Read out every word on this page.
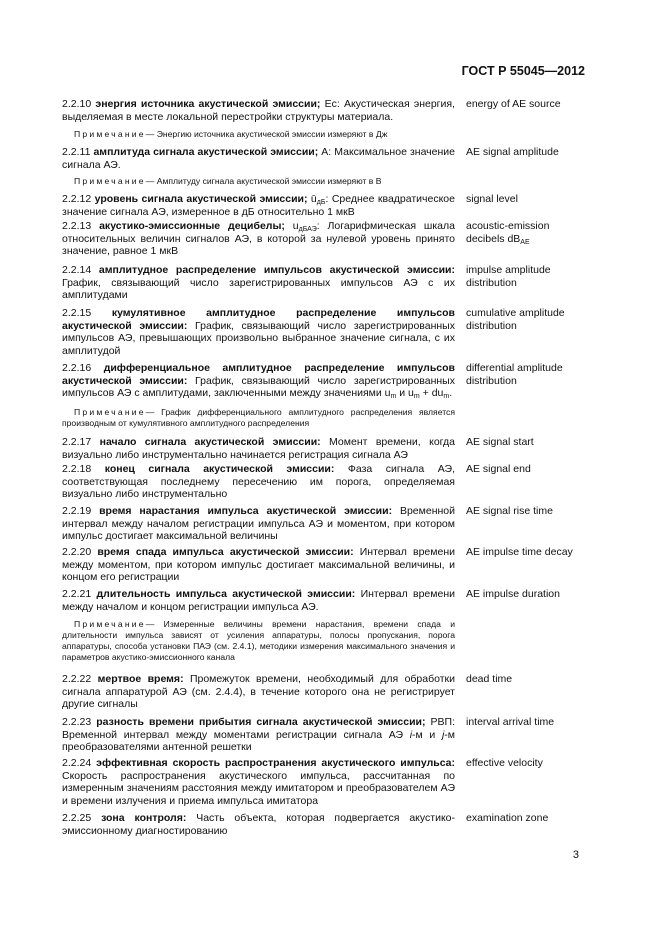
ГОСТ Р 55045—2012
2.2.10 энергия источника акустической эмиссии; Eс: Акустическая энергия, выделяемая в месте локальной перестройки структуры материала.
energy of AE source
Примечание— Энергию источника акустической эмиссии измеряют в Дж
2.2.11 амплитуда сигнала акустической эмиссии; А: Максимальное значение сигнала АЭ.
AE signal amplitude
Примечание— Амплитуду сигнала акустической эмиссии измеряют в В
2.2.12 уровень сигнала акустической эмиссии; $ū_{дБ}$: Среднее квадратическое значение сигнала АЭ, измеренное в дБ относительно 1 мкВ
signal level
2.2.13 акустико-эмиссионные децибелы; $u_{дБАЭ}$: Логарифмическая шкала относительных величин сигналов АЭ, в которой за нулевой уровень принято значение, равное 1 мкВ
acoustic-emission
decibels $dB_{AE}$
2.2.14 амплитудное распределение импульсов акустической эмиссии: График, связывающий число зарегистрированных импульсов АЭ с их амплитудами
impulse amplitude
distribution
2.2.15 кумулятивное амплитудное распределение импульсов акустической эмиссии: График, связывающий число зарегистрированных импульсов АЭ, превышающих произвольно выбранное значение сигнала, с их амплитудой
cumulative amplitude
distribution
2.2.16 дифференциальное амплитудное распределение импульсов акустической эмиссии: График, связывающий число зарегистрированных импульсов АЭ с амплитудами, заключенными между значениями $u_m$ и $u_m + du_m$.
differential amplitude
distribution
Примечание— График дифференциального амплитудного распределения является производным от кумулятивного амплитудного распределения
2.2.17 начало сигнала акустической эмиссии: Момент времени, когда визуально либо инструментально начинается регистрация сигнала АЭ
AE signal start
2.2.18 конец сигнала акустической эмиссии: Фаза сигнала АЭ, соответствующая последнему пересечению им порога, определяемая визуально либо инструментально
AE signal end
2.2.19 время нарастания импульса акустической эмиссии: Временной интервал между началом регистрации импульса АЭ и моментом, при котором импульс достигает максимальной величины
AE signal rise time
2.2.20 время спада импульса акустической эмиссии: Интервал времени между моментом, при котором импульс достигает максимальной величины, и концом его регистрации
AE impulse time decay
2.2.21 длительность импульса акустической эмиссии: Интервал времени между началом и концом регистрации импульса АЭ.
AE impulse duration
Примечание— Измеренные величины времени нарастания, времени спада и длительности импульса зависят от усиления аппаратуры, полосы пропускания, порога аппаратуры, способа установки ПАЭ (см. 2.4.1), методики измерения максимального значения и параметров акустико-эмиссионного канала
2.2.22 мертвое время: Промежуток времени, необходимый для обработки сигнала аппаратурой АЭ (см. 2.4.4), в течение которого она не регистрирует другие сигналы
dead time
2.2.23 разность времени прибытия сигнала акустической эмиссии; РВП: Временной интервал между моментами регистрации сигнала АЭ i-м и j-м преобразователями антенной решетки
interval arrival time
2.2.24 эффективная скорость распространения акустического импульса: Скорость распространения акустического импульса, рассчитанная по измеренным значениям расстояния между имитатором и преобразователем АЭ и времени излучения и приема импульса имитатора
effective velocity
2.2.25 зона контроля: Часть объекта, которая подвергается акустико-эмиссионному диагностированию
examination zone
3
